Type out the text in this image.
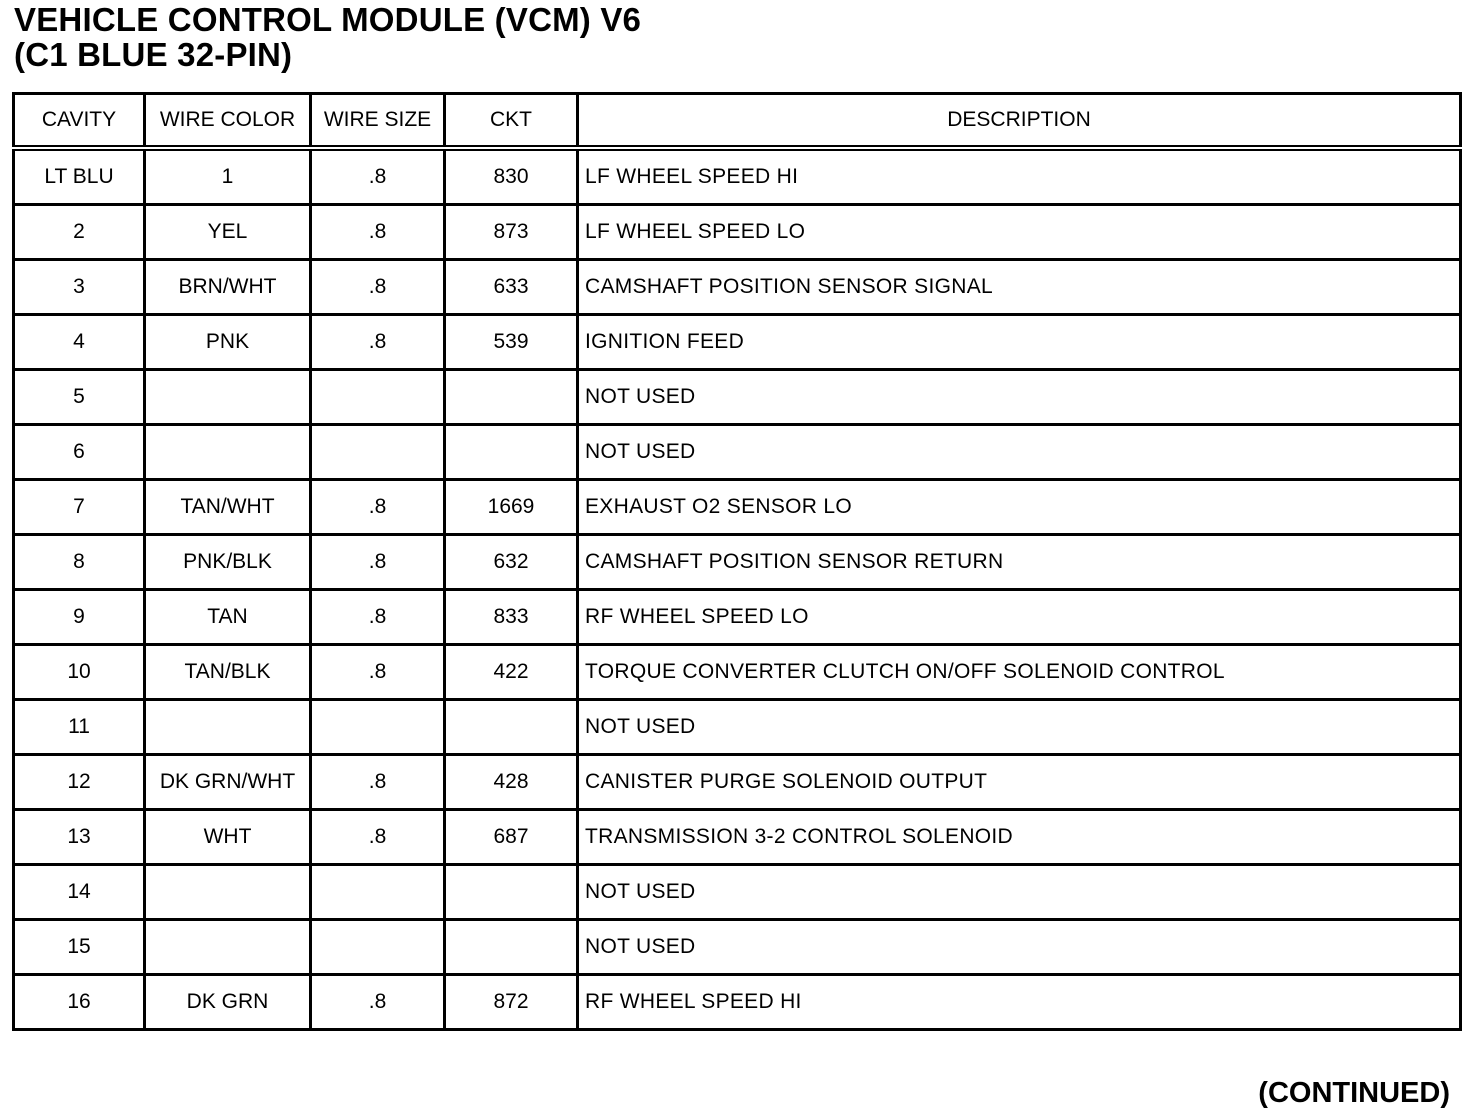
VEHICLE CONTROL MODULE (VCM) V6
(C1 BLUE 32-PIN)
CAVITY	WIRE COLOR	WIRE SIZE	CKT	DESCRIPTION
LT BLU	1	.8	830	LF WHEEL SPEED HI
2	YEL	.8	873	LF WHEEL SPEED LO
3	BRN/WHT	.8	633	CAMSHAFT POSITION SENSOR SIGNAL
4	PNK	.8	539	IGNITION FEED
5				NOT USED
6				NOT USED
7	TAN/WHT	.8	1669	EXHAUST O2 SENSOR LO
8	PNK/BLK	.8	632	CAMSHAFT POSITION SENSOR RETURN
9	TAN	.8	833	RF WHEEL SPEED LO
10	TAN/BLK	.8	422	TORQUE CONVERTER CLUTCH ON/OFF SOLENOID CONTROL
11				NOT USED
12	DK GRN/WHT	.8	428	CANISTER PURGE SOLENOID OUTPUT
13	WHT	.8	687	TRANSMISSION 3-2 CONTROL SOLENOID
14				NOT USED
15				NOT USED
16	DK GRN	.8	872	RF WHEEL SPEED HI
(CONTINUED)
